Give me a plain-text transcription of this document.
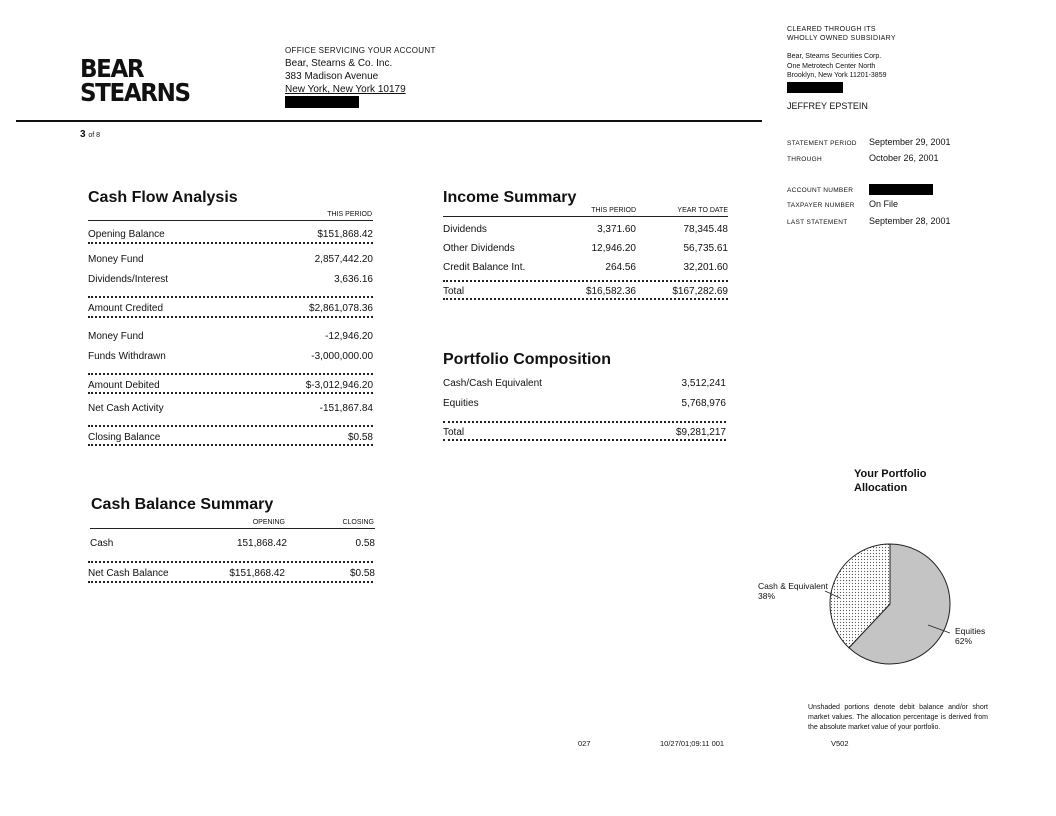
BEAR
STEARNS
OFFICE SERVICING YOUR ACCOUNT
Bear, Stearns & Co. Inc.
383 Madison Avenue
New York, New York 10179
CLEARED THROUGH ITS
WHOLLY OWNED SUBSIDIARY
Bear, Stearns Securities Corp.
One Metrotech Center North
Brooklyn, New York 11201-3859
JEFFREY EPSTEIN
3 of 8
STATEMENT PERIOD September 29, 2001
THROUGH	October 26, 2001
ACCOUNT NUMBER
TAXPAYER NUMBER On File
LAST STATEMENT September 28, 2001
Cash Flow Analysis
THIS PERIOD
Opening Balance	$151,868.42
Money Fund	2,857,442.20
Dividends/Interest	3,636.16
Amount Credited	$2,861,078.36
Money Fund	-12,946.20
Funds Withdrawn	-3,000,000.00
Amount Debited	$-3,012,946.20
Net Cash Activity	-151,867.84
Closing Balance	$0.58
Income Summary
THIS PERIOD	YEAR TO DATE
Dividends	3,371.60	78,345.48
Other Dividends	12,946.20	56,735.61
Credit Balance Int.	264.56	32,201.60
Total	$16,582.36	$167,282.69
Portfolio Composition
Cash/Cash Equivalent	3,512,241
Equities	5,768,976
Total	$9,281,217
Cash Balance Summary
OPENING	CLOSING
Cash	151,868.42	0.58
Net Cash Balance	$151,868.42	$0.58
Your Portfolio
Allocation
Cash & Equivalent
38%
Equities
62%
Unshaded portions denote debit balance and/or short market values. The allocation percentage is derived from the absolute market value of your portfolio.
027	10/27/01;09:11 001	V502
